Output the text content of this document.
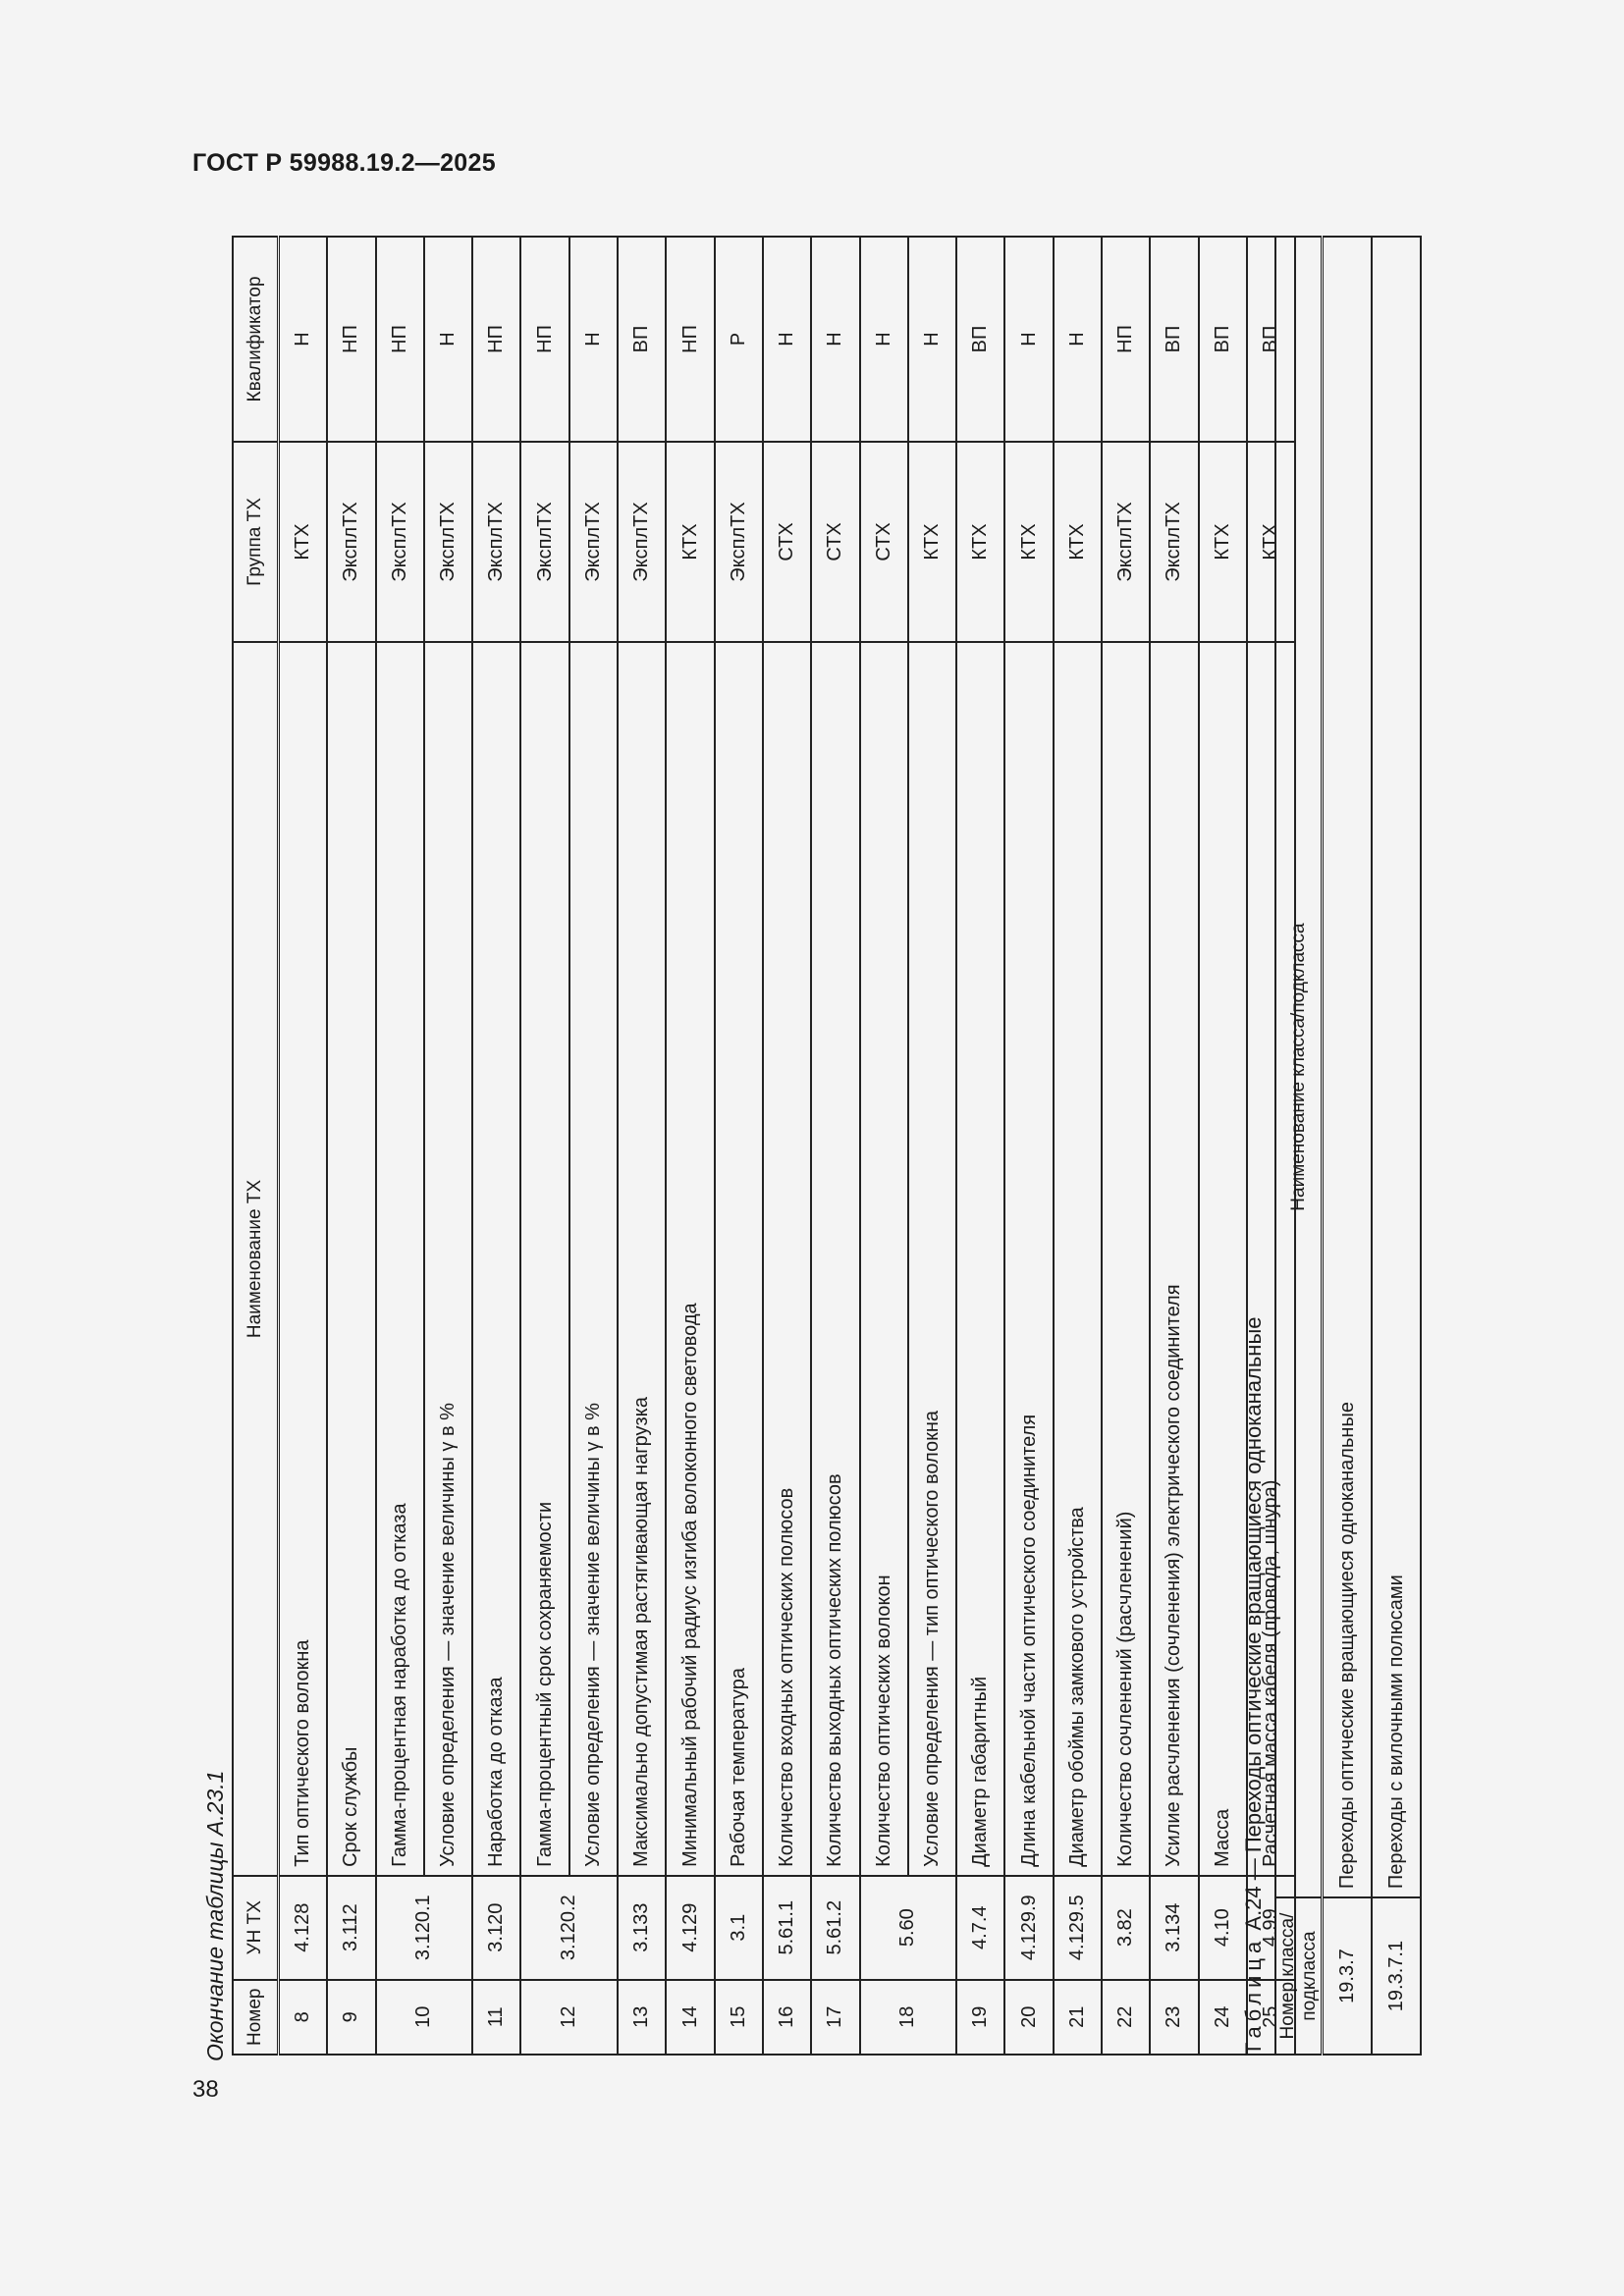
ГОСТ Р 59988.19.2—2025
38
Окончание таблицы А.23.1 Номер	УН ТХ	Наименование ТХ	Группа ТХ	Квалификатор
8	4.128	Тип оптического волокна	КТХ	Н
9	3.112	Срок службы	ЭксплТХ	НП
10	3.120.1	Гамма-процентная наработка до отказа	ЭксплТХ	НП
		Условие определения — значение величины γ в %	ЭксплТХ	Н
11	3.120	Наработка до отказа	ЭксплТХ	НП
12	3.120.2	Гамма-процентный срок сохраняемости	ЭксплТХ	НП
		Условие определения — значение величины γ в %	ЭксплТХ	Н
13	3.133	Максимально допустимая растягивающая нагрузка	ЭксплТХ	ВП
14	4.129	Минимальный рабочий радиус изгиба волоконного световода	КТХ	НП
15	3.1	Рабочая температура	ЭксплТХ	Р
16	5.61.1	Количество входных оптических полюсов	СТХ	Н
17	5.61.2	Количество выходных оптических полюсов	СТХ	Н
18	5.60	Количество оптических волокон	СТХ	Н
		Условие определения — тип оптического волокна	КТХ	Н
19	4.7.4	Диаметр габаритный	КТХ	ВП
20	4.129.9	Длина кабельной части оптического соединителя	КТХ	Н
21	4.129.5	Диаметр обоймы замкового устройства	КТХ	Н
22	3.82	Количество сочленений (расчленений)	ЭксплТХ	НП
23	3.134	Усилие расчленения (сочленения) электрического соединителя	ЭксплТХ	ВП
24	4.10	Масса	КТХ	ВП
25	4.99	Расчетная масса кабеля (провода, шнура)	КТХ	ВП
Таблица А.24 — Переходы оптические вращающиеся одноканальные
Номер класса/подкласса	Наименование класса/подкласса
19.3.7	Переходы оптические вращающиеся одноканальные
19.3.7.1	Переходы с вилочными полюсами
